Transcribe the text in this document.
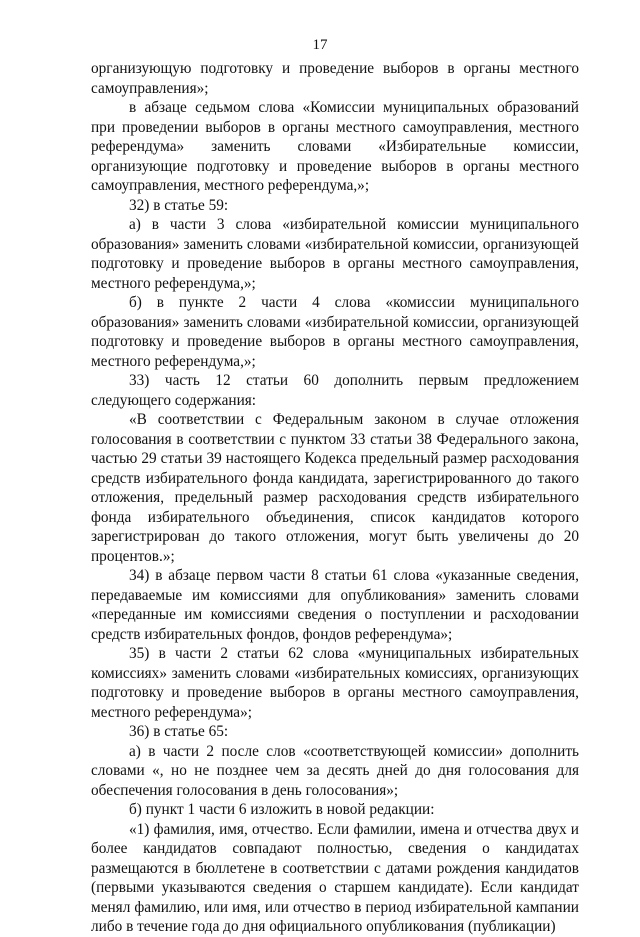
17

организующую подготовку и проведение выборов в органы местного самоуправления»;

в абзаце седьмом слова «Комиссии муниципальных образований при проведении выборов в органы местного самоуправления, местного референдума» заменить словами «Избирательные комиссии, организующие подготовку и проведение выборов в органы местного самоуправления, местного референдума,»;

32) в статье 59:

а) в части 3 слова «избирательной комиссии муниципального образования» заменить словами «избирательной комиссии, организующей подготовку и проведение выборов в органы местного самоуправления, местного референдума,»;

б) в пункте 2 части 4 слова «комиссии муниципального образования» заменить словами «избирательной комиссии, организующей подготовку и проведение выборов в органы местного самоуправления, местного референдума,»;

33) часть 12 статьи 60 дополнить первым предложением следующего содержания:

«В соответствии с Федеральным законом в случае отложения голосования в соответствии с пунктом 33 статьи 38 Федерального закона, частью 29 статьи 39 настоящего Кодекса предельный размер расходования средств избирательного фонда кандидата, зарегистрированного до такого отложения, предельный размер расходования средств избирательного фонда избирательного объединения, список кандидатов которого зарегистрирован до такого отложения, могут быть увеличены до 20 процентов.»;

34) в абзаце первом части 8 статьи 61 слова «указанные сведения, передаваемые им комиссиями для опубликования» заменить словами «переданные им комиссиями сведения о поступлении и расходовании средств избирательных фондов, фондов референдума»;

35) в части 2 статьи 62 слова «муниципальных избирательных комиссиях» заменить словами «избирательных комиссиях, организующих подготовку и проведение выборов в органы местного самоуправления, местного референдума»;

36) в статье 65:

а) в части 2 после слов «соответствующей комиссии» дополнить словами «, но не позднее чем за десять дней до дня голосования для обеспечения голосования в день голосования»;

б) пункт 1 части 6 изложить в новой редакции:

«1) фамилия, имя, отчество. Если фамилии, имена и отчества двух и более кандидатов совпадают полностью, сведения о кандидатах размещаются в бюллетене в соответствии с датами рождения кандидатов (первыми указываются сведения о старшем кандидате). Если кандидат менял фамилию, или имя, или отчество в период избирательной кампании либо в течение года до дня официального опубликования (публикации)
